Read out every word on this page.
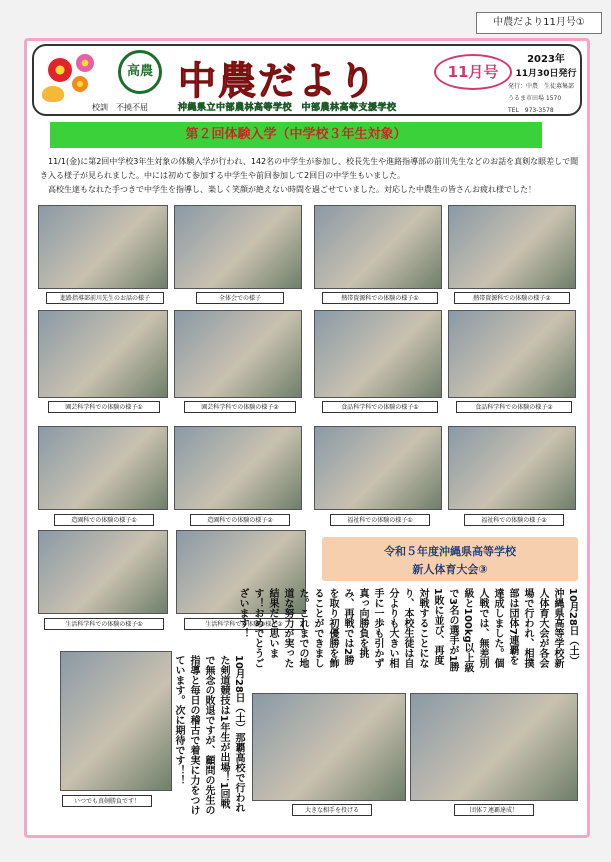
中農だより11月号①
高農
校訓　不撓不屈
中農だより
沖縄県立中部農林高等学校　中部農林高等支援学校
11月号
2023年
11月30日発行
発行：中農　生徒募集部
うるま市田場 1570
TEL　973-3578
第２回体験入学（中学校３年生対象）

11/1(金)に第2回中学校3年生対象の体験入学が行われ、142名の中学生が参加し、校長先生や進路指導部の前川先生などのお話を真剣な眼差しで聞き入る様子が見られました。中には初めて参加する中学生や前回参加して2回目の中学生もいました。

高校生達もなれた手つきで中学生を指導し、楽しく笑顔が絶えない時間を過ごせていました。対応した中農生の皆さんお疲れ様でした！

進路指導部前川先生のお話の様子	全体会での様子	熱帯資源科での体験の様子①	熱帯資源科での体験の様子②
園芸科学科での体験の様子①	園芸科学科での体験の様子②	食品科学科での体験の様子①	食品科学科での体験の様子②
造園科での体験の様子①	造園科での体験の様子②	福祉科での体験の様子①	福祉科での体験の様子②
生活科学科での体験の様子①	生活科学科での体験の様子②
令和５年度沖縄県高等学校
新人体育大会③
10月28日（土）沖縄県高等学校新人体育大会が各会場で行われ、相撲部は団体7連覇を達成しました。個人戦では、無差別級と100kg以上級で3名の選手が1勝1敗に並び、再度対戦することになり、本校生徒は自分よりも大きい相手に一歩も引かず真っ向勝負を挑み、再戦では2勝を取り初優勝を飾ることができました。これまでの地道な努力が実った結果だと思います！おめでとうございます！
いつでも真剣勝負です！	10月28日（土）那覇高校で行われた剣道競技は1年生が出場！1回戦で無念の敗退ですが、顧問の先生の指導と毎日の稽古で着実に力をつけています。次に期待です！！
大きな相手を投げる	団体７連覇達成！
